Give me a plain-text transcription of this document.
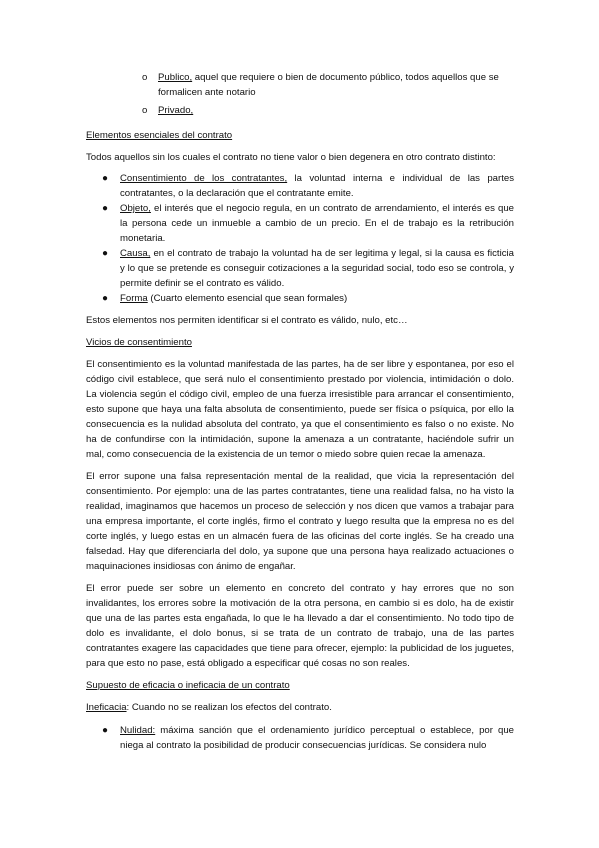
o Publico, aquel que requiere o bien de documento público, todos aquellos que se formalicen ante notario
o Privado,

Elementos esenciales del contrato

Todos aquellos sin los cuales el contrato no tiene valor o bien degenera en otro contrato distinto:

● Consentimiento de los contratantes, la voluntad interna e individual de las partes contratantes, o la declaración que el contratante emite.
● Objeto, el interés que el negocio regula, en un contrato de arrendamiento, el interés es que la persona cede un inmueble a cambio de un precio. En el de trabajo es la retribución monetaria.
● Causa, en el contrato de trabajo la voluntad ha de ser legitima y legal, si la causa es ficticia y lo que se pretende es conseguir cotizaciones a la seguridad social, todo eso se controla, y permite definir se el contrato es válido.
● Forma (Cuarto elemento esencial que sean formales)

Estos elementos nos permiten identificar si el contrato es válido, nulo, etc…

Vicios de consentimiento

El consentimiento es la voluntad manifestada de las partes, ha de ser libre y espontanea, por eso el código civil establece, que será nulo el consentimiento prestado por violencia, intimidación o dolo. La violencia según el código civil, empleo de una fuerza irresistible para arrancar el consentimiento, esto supone que haya una falta absoluta de consentimiento, puede ser física o psíquica, por ello la consecuencia es la nulidad absoluta del contrato, ya que el consentimiento es falso o no existe. No ha de confundirse con la intimidación, supone la amenaza a un contratante, haciéndole sufrir un mal, como consecuencia de la existencia de un temor o miedo sobre quien recae la amenaza.

El error supone una falsa representación mental de la realidad, que vicia la representación del consentimiento. Por ejemplo: una de las partes contratantes, tiene una realidad falsa, no ha visto la realidad, imaginamos que hacemos un proceso de selección y nos dicen que vamos a trabajar para una empresa importante, el corte inglés, firmo el contrato y luego resulta que la empresa no es del corte inglés, y luego estas en un almacén fuera de las oficinas del corte inglés. Se ha creado una falsedad. Hay que diferenciarla del dolo, ya supone que una persona haya realizado actuaciones o maquinaciones insidiosas con ánimo de engañar.

El error puede ser sobre un elemento en concreto del contrato y hay errores que no son invalidantes, los errores sobre la motivación de la otra persona, en cambio si es dolo, ha de existir que una de las partes esta engañada, lo que le ha llevado a dar el consentimiento. No todo tipo de dolo es invalidante, el dolo bonus, si se trata de un contrato de trabajo, una de las partes contratantes exagere las capacidades que tiene para ofrecer, ejemplo: la publicidad de los juguetes, para que esto no pase, está obligado a especificar qué cosas no son reales.

Supuesto de eficacia o ineficacia de un contrato

Ineficacia: Cuando no se realizan los efectos del contrato.

● Nulidad: máxima sanción que el ordenamiento jurídico perceptual o establece, por que niega al contrato la posibilidad de producir consecuencias jurídicas. Se considera nulo
